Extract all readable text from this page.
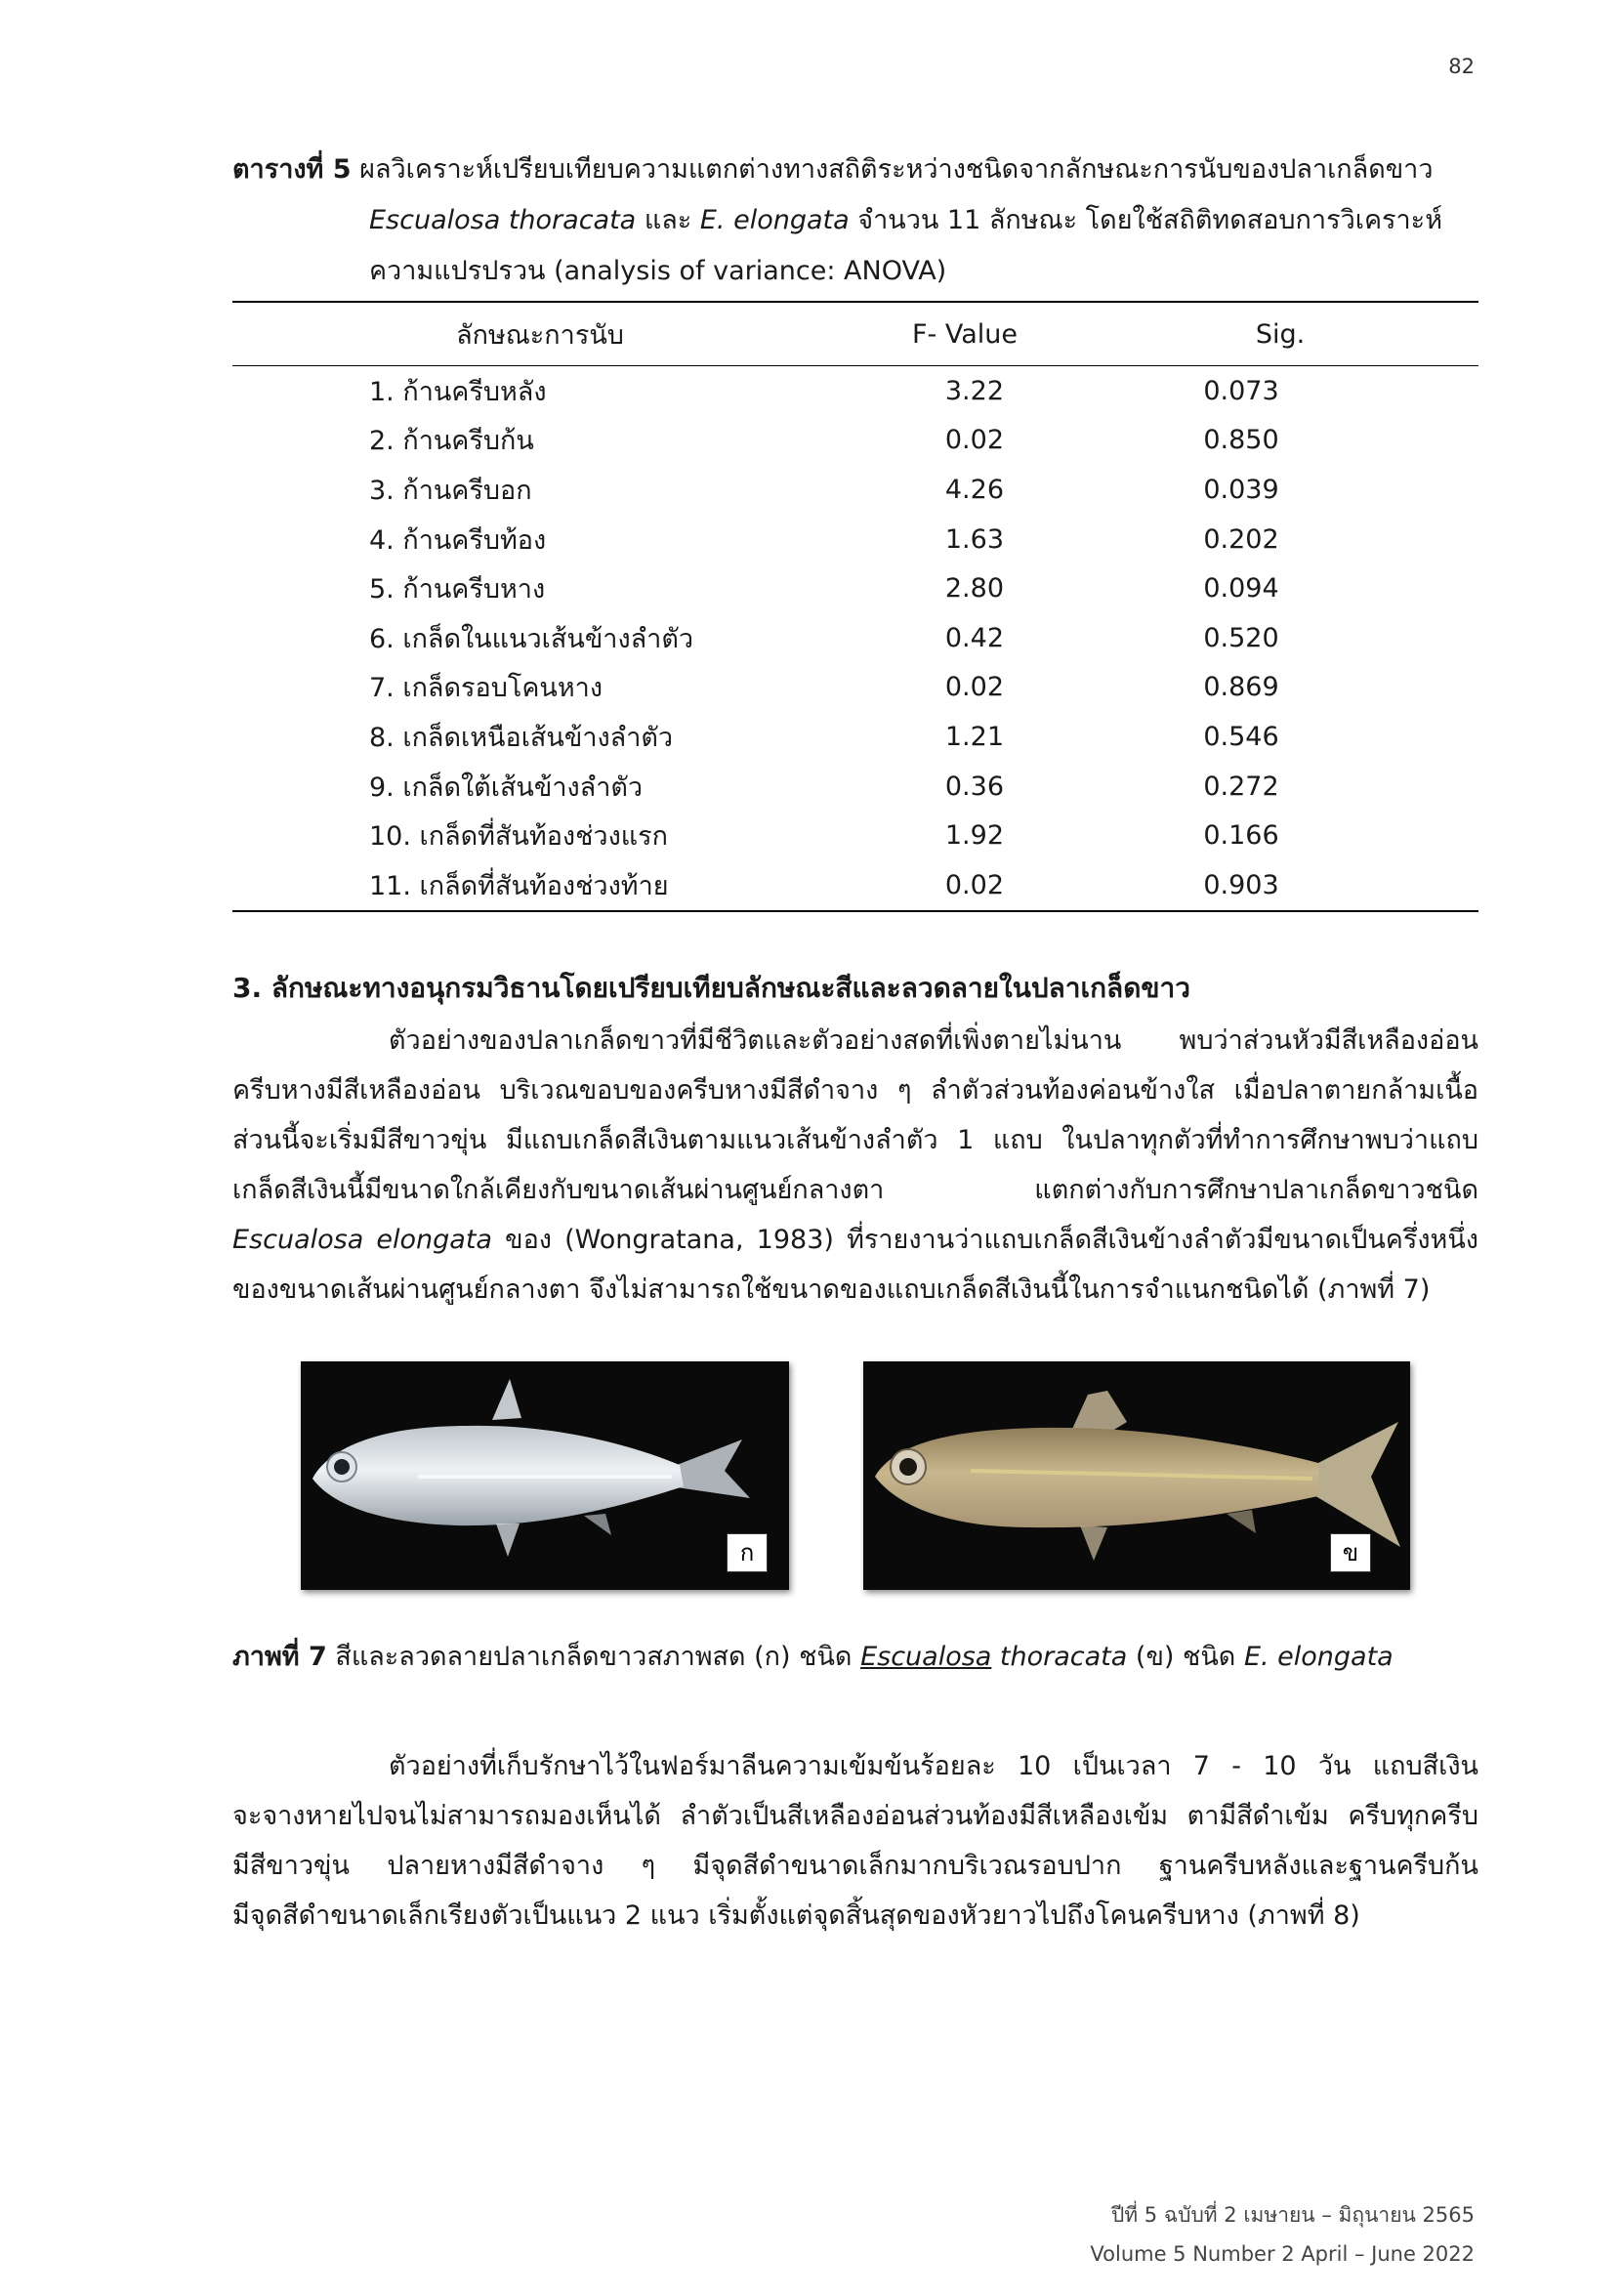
82
ตารางที่ 5 ผลวิเคราะห์เปรียบเทียบความแตกต่างทางสถิติระหว่างชนิดจากลักษณะการนับของปลาเกล็ดขาว
Escualosa thoracata และ E. elongata จำนวน 11 ลักษณะ โดยใช้สถิติทดสอบการวิเคราะห์
ความแปรปรวน (analysis of variance: ANOVA)
ลักษณะการนับ	F- Value	Sig.
1. ก้านครีบหลัง	3.22	0.073
2. ก้านครีบก้น	0.02	0.850
3. ก้านครีบอก	4.26	0.039
4. ก้านครีบท้อง	1.63	0.202
5. ก้านครีบหาง	2.80	0.094
6. เกล็ดในแนวเส้นข้างลำตัว	0.42	0.520
7. เกล็ดรอบโคนหาง	0.02	0.869
8. เกล็ดเหนือเส้นข้างลำตัว	1.21	0.546
9. เกล็ดใต้เส้นข้างลำตัว	0.36	0.272
10. เกล็ดที่สันท้องช่วงแรก	1.92	0.166
11. เกล็ดที่สันท้องช่วงท้าย	0.02	0.903
3. ลักษณะทางอนุกรมวิธานโดยเปรียบเทียบลักษณะสีและลวดลายในปลาเกล็ดขาว
ตัวอย่างของปลาเกล็ดขาวที่มีชีวิตและตัวอย่างสดที่เพิ่งตายไม่นาน พบว่าส่วนหัวมีสีเหลืองอ่อน
ครีบหางมีสีเหลืองอ่อน บริเวณขอบของครีบหางมีสีดำจาง ๆ ลำตัวส่วนท้องค่อนข้างใส เมื่อปลาตายกล้ามเนื้อ
ส่วนนี้จะเริ่มมีสีขาวขุ่น มีแถบเกล็ดสีเงินตามแนวเส้นข้างลำตัว 1 แถบ ในปลาทุกตัวที่ทำการศึกษาพบว่าแถบ
เกล็ดสีเงินนี้มีขนาดใกล้เคียงกับขนาดเส้นผ่านศูนย์กลางตา แตกต่างกับการศึกษาปลาเกล็ดขาวชนิด
Escualosa elongata ของ (Wongratana, 1983) ที่รายงานว่าแถบเกล็ดสีเงินข้างลำตัวมีขนาดเป็นครึ่งหนึ่ง
ของขนาดเส้นผ่านศูนย์กลางตา จึงไม่สามารถใช้ขนาดของแถบเกล็ดสีเงินนี้ในการจำแนกชนิดได้ (ภาพที่ 7)
ก	ข
ภาพที่ 7 สีและลวดลายปลาเกล็ดขาวสภาพสด (ก) ชนิด Escualosa thoracata (ข) ชนิด E. elongata
ตัวอย่างที่เก็บรักษาไว้ในฟอร์มาลีนความเข้มข้นร้อยละ 10 เป็นเวลา 7 - 10 วัน แถบสีเงิน
จะจางหายไปจนไม่สามารถมองเห็นได้ ลำตัวเป็นสีเหลืองอ่อนส่วนท้องมีสีเหลืองเข้ม ตามีสีดำเข้ม ครีบทุกครีบ
มีสีขาวขุ่น ปลายหางมีสีดำจาง ๆ มีจุดสีดำขนาดเล็กมากบริเวณรอบปาก ฐานครีบหลังและฐานครีบก้น
มีจุดสีดำขนาดเล็กเรียงตัวเป็นแนว 2 แนว เริ่มตั้งแต่จุดสิ้นสุดของหัวยาวไปถึงโคนครีบหาง (ภาพที่ 8)
ปีที่ 5 ฉบับที่ 2 เมษายน – มิถุนายน 2565
Volume 5 Number 2 April – June 2022
